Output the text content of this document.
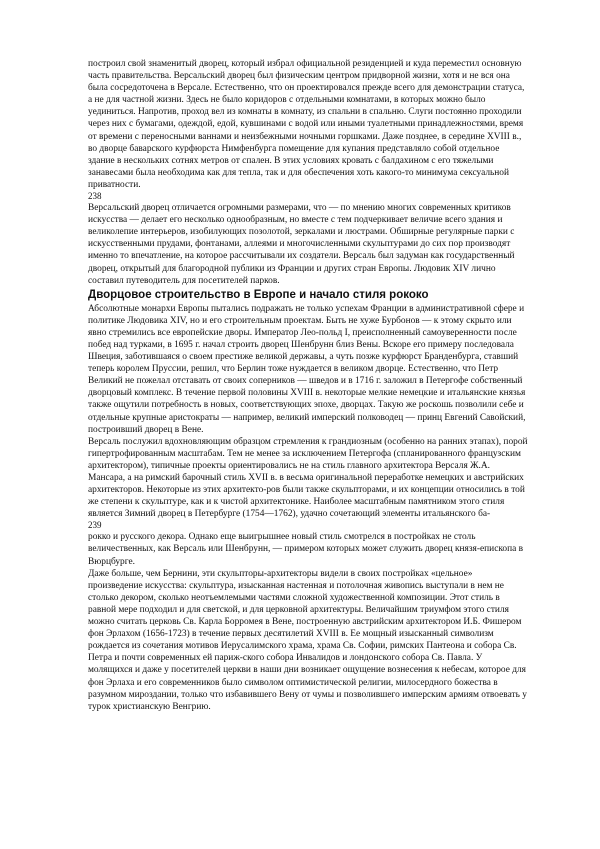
построил свой знаменитый дворец, который избрал официальной резиденцией и куда переместил основную часть правительства. Версальский дворец был физическим центром придворной жизни, хотя и не вся она была сосредоточена в Версале. Естественно, что он проектировался прежде всего для демонстрации статуса, а не для частной жизни. Здесь не было коридоров с отдельными комнатами, в которых можно было уединиться. Напротив, проход вел из комнаты в комнату, из спальни в спальню. Слуги постоянно проходили через них с бумагами, одеждой, едой, кувшинами с водой или иными туалетными принадлежностями, время от времени с переносными ваннами и неизбежными ночными горшками. Даже позднее, в середине XVIII в., во дворце баварского курфюрста Нимфенбурга помещение для купания представляло собой отдельное здание в нескольких сотнях метров от спален. В этих условиях кровать с балдахином с его тяжелыми занавесами была необходима как для тепла, так и для обеспечения хоть какого-то минимума сексуальной приватности.

238

Версальский дворец отличается огромными размерами, что — по мнению многих современных критиков искусства — делает его несколько однообразным, но вместе с тем подчеркивает величие всего здания и великолепие интерьеров, изобилующих позолотой, зеркалами и люстрами. Обширные регулярные парки с искусственными прудами, фонтанами, аллеями и многочисленными скульптурами до сих пор производят именно то впечатление, на которое рассчитывали их создатели. Версаль был задуман как государственный дворец, открытый для благородной публики из Франции и других стран Европы. Людовик XIV лично составил путеводитель для посетителей парков.

Дворцовое строительство в Европе и начало стиля рококо

Абсолютные монархи Европы пытались подражать не только успехам Франции в административной сфере и политике Людовика XIV, но и его строительным проектам. Быть не хуже Бурбонов — к этому скрыто или явно стремились все европейские дворы. Император Лео-польд I, преисполненный самоуверенности после побед над турками, в 1695 г. начал строить дворец Шенбрунн близ Вены. Вскоре его примеру последовала Швеция, заботившаяся о своем престиже великой державы, а чуть позже курфюрст Бранденбурга, ставший теперь королем Пруссии, решил, что Берлин тоже нуждается в великом дворце. Естественно, что Петр Великий не пожелал отставать от своих соперников — шведов и в 1716 г. заложил в Петергофе собственный дворцовый комплекс. В течение первой половины XVIII в. некоторые мелкие немецкие и итальянские князья также ощутили потребность в новых, соответствующих эпохе, дворцах. Такую же роскошь позволили себе и отдельные крупные аристократы — например, великий имперский полководец — принц Евгений Савойский, построивший дворец в Вене.

Версаль послужил вдохновляющим образцом стремления к грандиозным (особенно на ранних этапах), порой гипертрофированным масштабам. Тем не менее за исключением Петергофа (спланированного французским архитектором), типичные проекты ориентировались не на стиль главного архитектора Версаля Ж.А. Мансара, а на римский барочный стиль XVII в. в весьма оригинальной переработке немецких и австрийских архитекторов. Некоторые из этих архитекто-ров были также скульпторами, и их концепции относились в той же степени к скульптуре, как и к чистой архитектонике. Наиболее масштабным памятником этого стиля является Зимний дворец в Петербурге (1754—1762), удачно сочетающий элементы итальянского ба-

239

рокко и русского декора. Однако еще выигрышнее новый стиль смотрелся в постройках не столь величественных, как Версаль или Шенбрунн, — примером которых может служить дворец князя-епископа в Вюрцбурге.

Даже больше, чем Бернини, эти скульпторы-архитекторы видели в своих постройках «цельное» произведение искусства: скульптура, изысканная настенная и потолочная живопись выступали в нем не столько декором, сколько неотъемлемыми частями сложной художественной композиции. Этот стиль в равной мере подходил и для светской, и для церковной архитектуры. Величайшим триумфом этого стиля можно считать церковь Св. Карла Борромея в Вене, построенную австрийским архитектором И.Б. Фишером фон Эрлахом (1656-1723) в течение первых десятилетий XVIII в. Ее мощный изысканный символизм рождается из сочетания мотивов Иерусалимского храма, храма Св. Софии, римских Пантеона и собора Св. Петра и почти современных ей париж-ского собора Инвалидов и лондонского собора Св. Павла. У молящихся и даже у посетителей церкви в наши дни возникает ощущение вознесения к небесам, которое для фон Эрлаха и его современников было символом оптимистической религии, милосердного божества в разумном мироздании, только что избавившего Вену от чумы и позволившего имперским армиям отвоевать у турок христианскую Венгрию.
